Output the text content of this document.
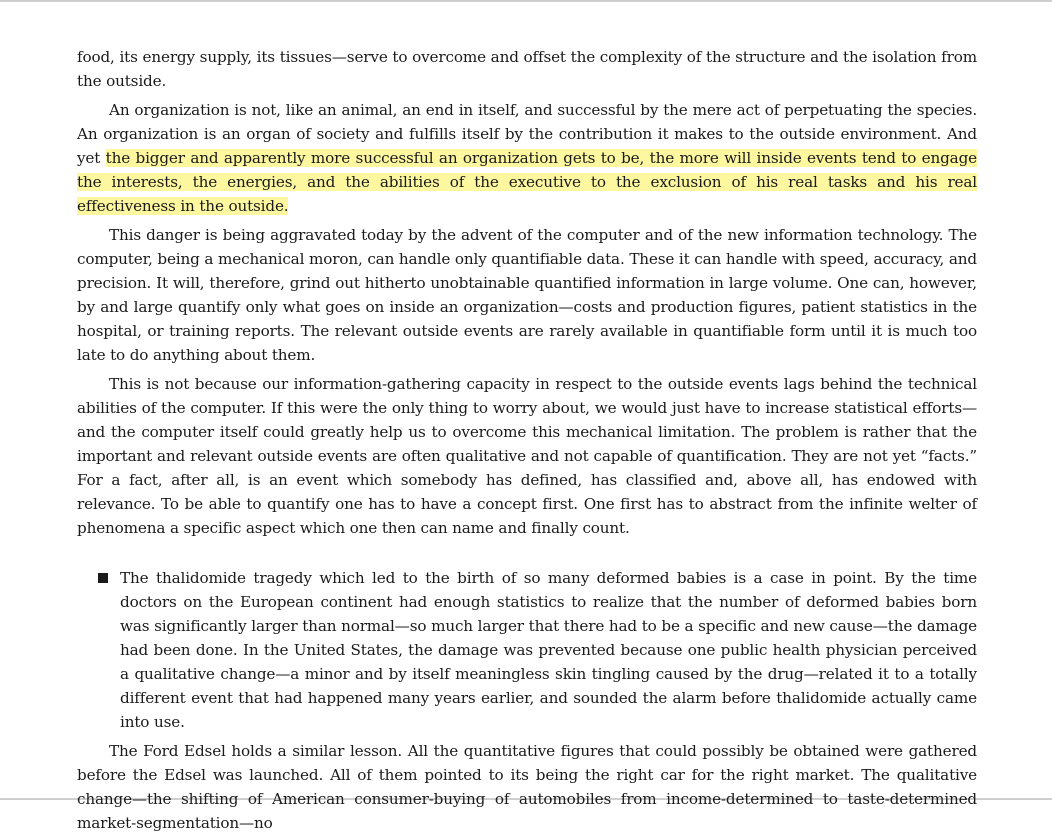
food, its energy supply, its tissues—serve to overcome and offset the complexity of the structure and the isolation from the outside.

An organization is not, like an animal, an end in itself, and successful by the mere act of perpetuating the species. An organization is an organ of society and fulfills itself by the contribution it makes to the outside environment. And yet the bigger and apparently more successful an organization gets to be, the more will inside events tend to engage the interests, the energies, and the abilities of the executive to the exclusion of his real tasks and his real effectiveness in the outside.

This danger is being aggravated today by the advent of the computer and of the new information technology. The computer, being a mechanical moron, can handle only quantifiable data. These it can handle with speed, accuracy, and precision. It will, therefore, grind out hitherto unobtainable quantified information in large volume. One can, however, by and large quantify only what goes on inside an organization—costs and production figures, patient statistics in the hospital, or training reports. The relevant outside events are rarely available in quantifiable form until it is much too late to do anything about them.

This is not because our information-gathering capacity in respect to the outside events lags behind the technical abilities of the computer. If this were the only thing to worry about, we would just have to increase statistical efforts—and the computer itself could greatly help us to overcome this mechanical limitation. The problem is rather that the important and relevant outside events are often qualitative and not capable of quantification. They are not yet “facts.” For a fact, after all, is an event which somebody has defined, has classified and, above all, has endowed with relevance. To be able to quantify one has to have a concept first. One first has to abstract from the infinite welter of phenomena a specific aspect which one then can name and finally count.

The thalidomide tragedy which led to the birth of so many deformed babies is a case in point. By the time doctors on the European continent had enough statistics to realize that the number of deformed babies born was significantly larger than normal—so much larger that there had to be a specific and new cause—the damage had been done. In the United States, the damage was prevented because one public health physician perceived a qualitative change—a minor and by itself meaningless skin tingling caused by the drug—related it to a totally different event that had happened many years earlier, and sounded the alarm before thalidomide actually came into use.

The Ford Edsel holds a similar lesson. All the quantitative figures that could possibly be obtained were gathered before the Edsel was launched. All of them pointed to its being the right car for the right market. The qualitative change—the shifting of American consumer-buying of automobiles from income-determined to taste-determined market-segmentation—no
